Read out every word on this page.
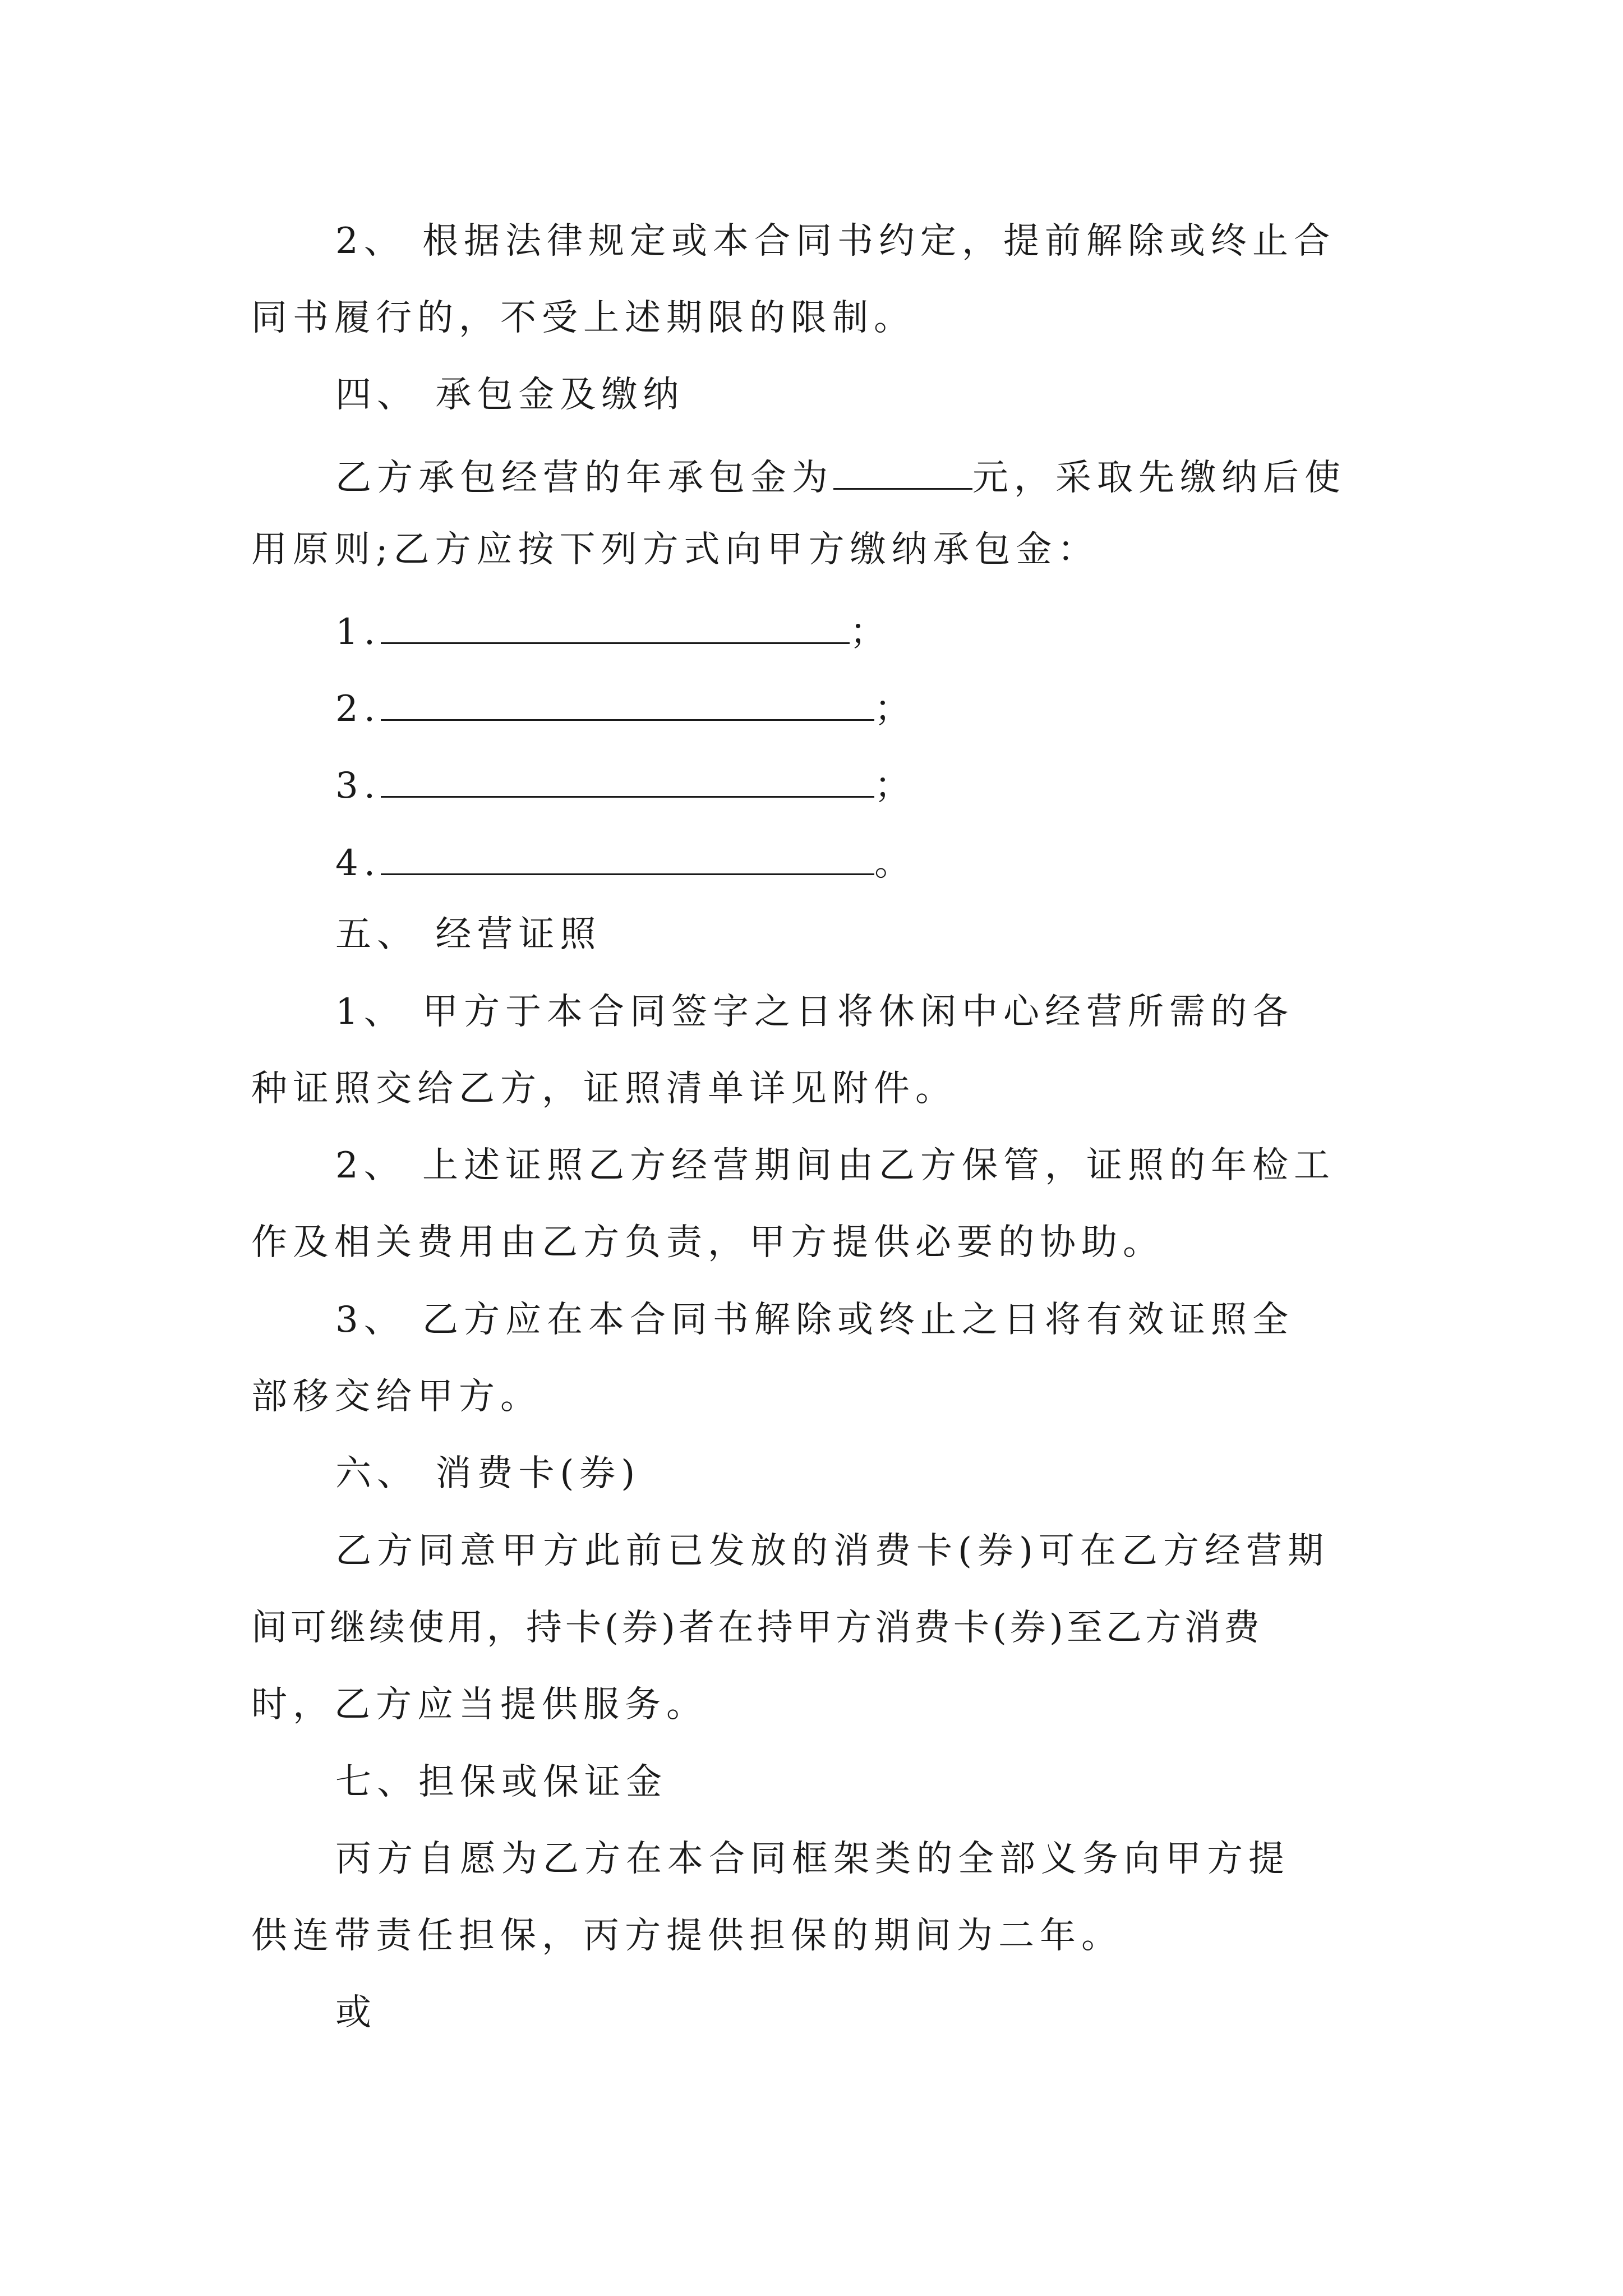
2、 根据法律规定或本合同书约定，提前解除或终止合
同书履行的，不受上述期限的限制。
四、 承包金及缴纳
乙方承包经营的年承包金为	元，采取先缴纳后使
用原则;乙方应按下列方式向甲方缴纳承包金：
1.	；
2.	；
3.	；
4.	。
五、 经营证照
1、 甲方于本合同签字之日将休闲中心经营所需的各
种证照交给乙方，证照清单详见附件。
2、 上述证照乙方经营期间由乙方保管，证照的年检工
作及相关费用由乙方负责，甲方提供必要的协助。
3、 乙方应在本合同书解除或终止之日将有效证照全
部移交给甲方。
六、 消费卡(券)
乙方同意甲方此前已发放的消费卡(券)可在乙方经营期
间可继续使用，持卡(券)者在持甲方消费卡(券)至乙方消费
时，乙方应当提供服务。
七、担保或保证金
丙方自愿为乙方在本合同框架类的全部义务向甲方提
供连带责任担保，丙方提供担保的期间为二年。
或
